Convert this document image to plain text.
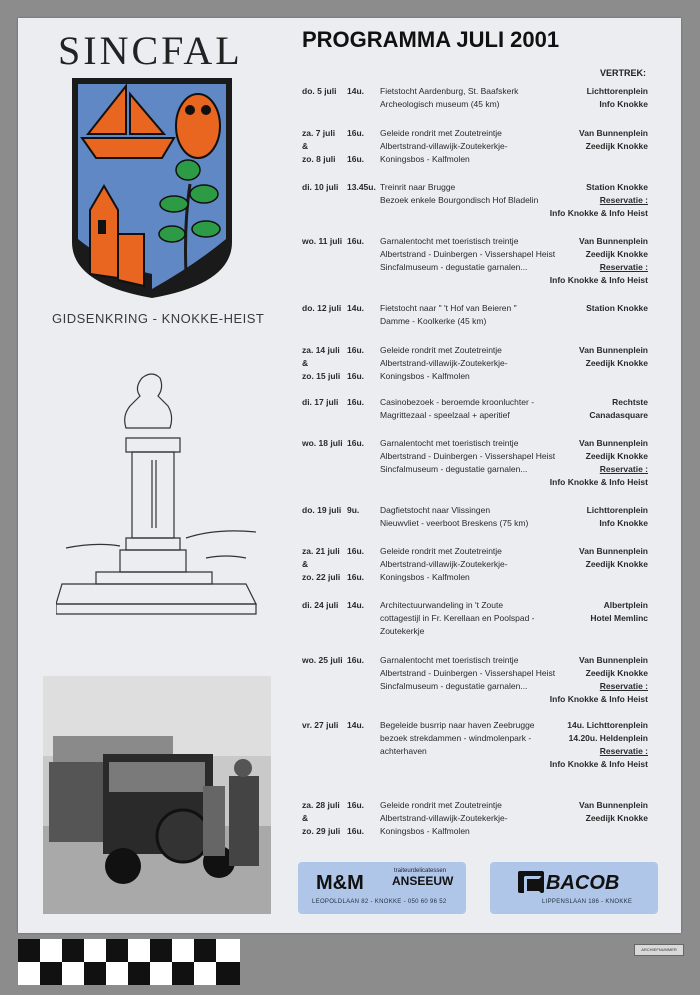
SINCFAL
GIDSENKRING - KNOKKE-HEIST
PROGRAMMA JULI 2001
VERTREK:
do. 5 juli 14u. Fietstocht Aardenburg, St. Baafskerk	Lichttorenplein
Archeologisch museum (45 km)	Info Knokke
za. 7 juli 16u. Geleide rondrit met Zoutetreintje	Van Bunnenplein
&	Albertstrand-villawijk-Zoutekerkje-	Zeedijk Knokke
zo. 8 juli 16u. Koningsbos - Kalfmolen
di. 10 juli 13.45u. Treinrit naar Brugge	Station Knokke
Bezoek enkele Bourgondisch Hof Bladelin	Reservatie :
Info Knokke & Info Heist
wo. 11 juli 16u. Garnalentocht met toeristisch treintje	Van Bunnenplein
Albertstrand - Duinbergen - Vissershapel Heist	Zeedijk Knokke
Sincfalmuseum - degustatie garnalen...	Reservatie :
Info Knokke & Info Heist
do. 12 juli 14u. Fietstocht naar " 't Hof van Beieren "	Station Knokke
Damme - Koolkerke (45 km)
za. 14 juli 16u. Geleide rondrit met Zoutetreintje	Van Bunnenplein
&	Albertstrand-villawijk-Zoutekerkje-	Zeedijk Knokke
zo. 15 juli 16u. Koningsbos - Kalfmolen
di. 17 juli 16u. Casinobezoek - beroemde kroonluchter -	Rechtste
Magrittezaal - speelzaal + aperitief	Canadasquare
wo. 18 juli 16u. Garnalentocht met toeristisch treintje	Van Bunnenplein
Albertstrand - Duinbergen - Vissershapel Heist	Zeedijk Knokke
Sincfalmuseum - degustatie garnalen...	Reservatie :
Info Knokke & Info Heist
do. 19 juli 9u. Dagfietstocht naar Vlissingen	Lichttorenplein
Nieuwvliet - veerboot Breskens (75 km)	Info Knokke
za. 21 juli 16u. Geleide rondrit met Zoutetreintje	Van Bunnenplein
&	Albertstrand-villawijk-Zoutekerkje-	Zeedijk Knokke
zo. 22 juli 16u. Koningsbos - Kalfmolen
di. 24 juli 14u. Architectuurwandeling in 't Zoute	Albertplein
cottagestijl in Fr. Kerellaan en Poolspad -	Hotel Memlinc
Zoutekerkje
wo. 25 juli 16u. Garnalentocht met toeristisch treintje	Van Bunnenplein
Albertstrand - Duinbergen - Vissershapel Heist	Zeedijk Knokke
Sincfalmuseum - degustatie garnalen...	Reservatie :
Info Knokke & Info Heist
vr. 27 juli 14u. Begeleide busrrip naar haven Zeebrugge	14u. Lichttorenplein
bezoek strekdammen - windmolenpark -	14.20u. Heldenplein
achterhaven	Reservatie :
Info Knokke & Info Heist
za. 28 juli 16u. Geleide rondrit met Zoutetreintje	Van Bunnenplein
&	Albertstrand-villawijk-Zoutekerkje-	Zeedijk Knokke
zo. 29 juli 16u. Koningsbos - Kalfmolen
M&M
traiteurdelicatessen
ANSEEUW
LEOPOLDLAAN 82 - KNOKKE - 050 60 96 52
BACOB
LIPPENSLAAN 186 - KNOKKE
ARCHIEFNUMMER
